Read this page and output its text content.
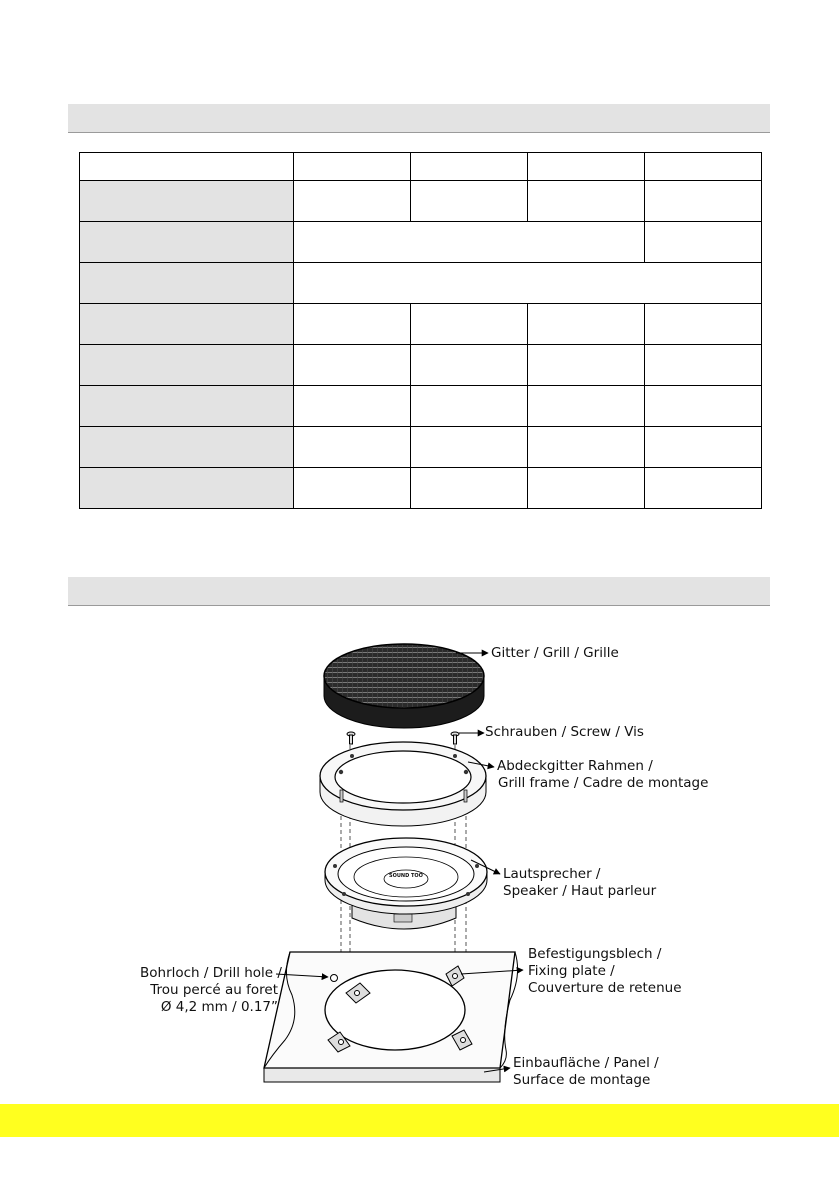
SOUND TOO
Gitter / Grill / Grille
Schrauben / Screw / Vis
Abdeckgitter Rahmen /
Grill frame / Cadre de montage
Lautsprecher /
Speaker / Haut parleur
Befestigungsblech /
Fixing plate /
Couverture de retenue
Bohrloch / Drill hole /
Trou percé au foret
Ø 4,2 mm / 0.17”
Einbaufläche / Panel /
Surface de montage
